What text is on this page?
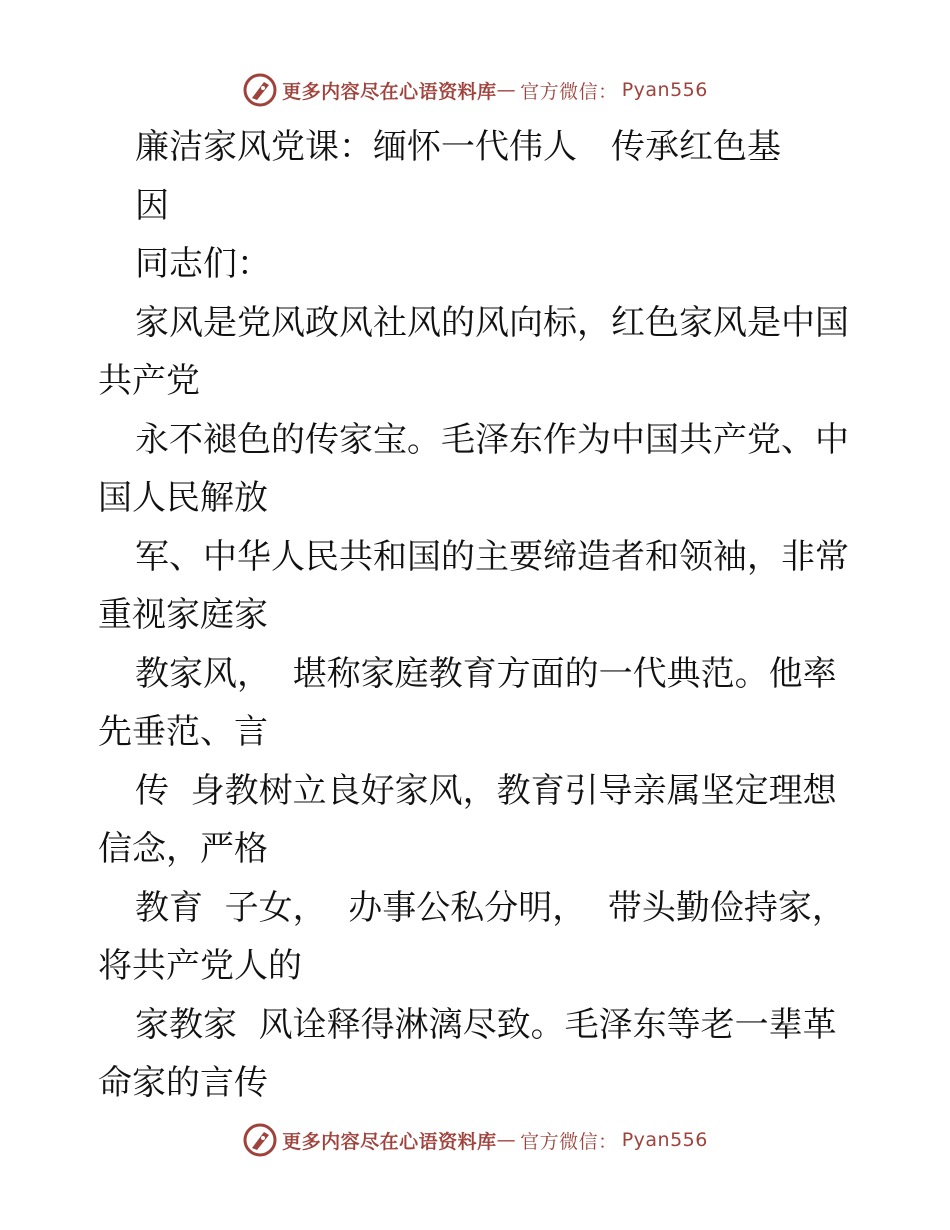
更多内容尽在心语资料库 — 官方微信： Pyan556
廉洁家风党课：缅怀一代伟人　传承红色基
因
同志们：
家风是党风政风社风的风向标，红色家风是中国
共产党
永不褪色的传家宝。毛泽东作为中国共产党、中
国人民解放
军、中华人民共和国的主要缔造者和领袖，非常
重视家庭家
教家风，  堪称家庭教育方面的一代典范。他率
先垂范、言
传  身教树立良好家风，教育引导亲属坚定理想
信念，严格
教育  子女，  办事公私分明，  带头勤俭持家，
将共产党人的
家教家  风诠释得淋漓尽致。毛泽东等老一辈革
命家的言传
更多内容尽在心语资料库 — 官方微信： Pyan556
